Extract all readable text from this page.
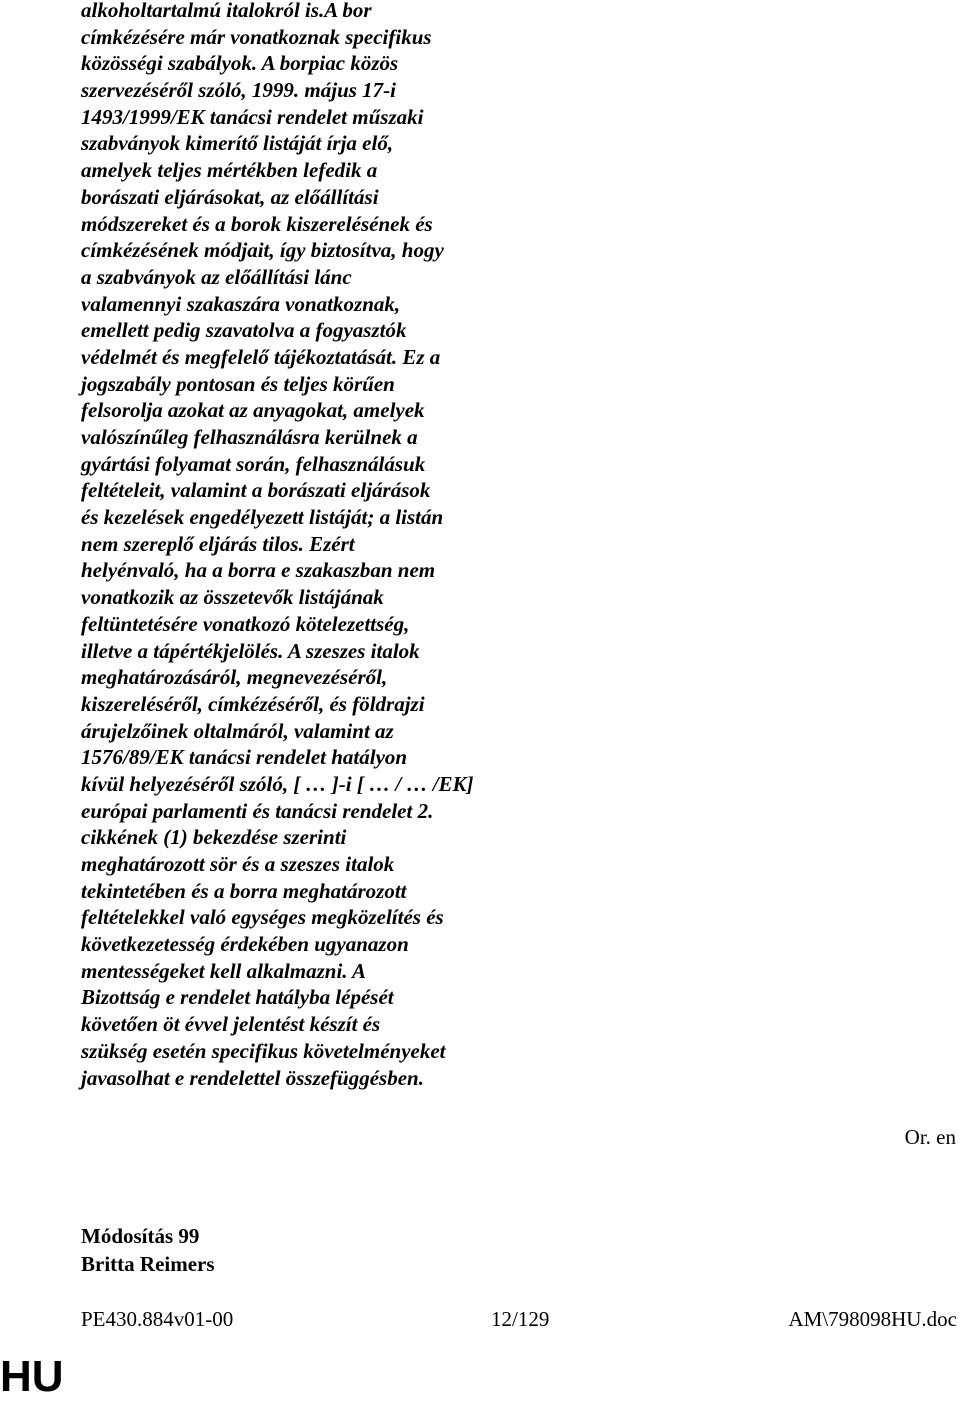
alkoholtartalmú italokról is.A bor
címkézésére már vonatkoznak specifikus
közösségi szabályok. A borpiac közös
szervezéséről szóló, 1999. május 17-i
1493/1999/EK tanácsi rendelet műszaki
szabványok kimerítő listáját írja elő,
amelyek teljes mértékben lefedik a
borászati eljárásokat, az előállítási
módszereket és a borok kiszerelésének és
címkézésének módjait, így biztosítva, hogy
a szabványok az előállítási lánc
valamennyi szakaszára vonatkoznak,
emellett pedig szavatolva a fogyasztók
védelmét és megfelelő tájékoztatását. Ez a
jogszabály pontosan és teljes körűen
felsorolja azokat az anyagokat, amelyek
valószínűleg felhasználásra kerülnek a
gyártási folyamat során, felhasználásuk
feltételeit, valamint a borászati eljárások
és kezelések engedélyezett listáját; a listán
nem szereplő eljárás tilos. Ezért
helyénvaló, ha a borra e szakaszban nem
vonatkozik az összetevők listájának
feltüntetésére vonatkozó kötelezettség,
illetve a tápértékjelölés. A szeszes italok
meghatározásáról, megnevezéséről,
kiszereléséről, címkézéséről, és földrajzi
árujelzőinek oltalmáról, valamint az
1576/89/EK tanácsi rendelet hatályon
kívül helyezéséről szóló, [ … ]-i [ … / … /EK]
európai parlamenti és tanácsi rendelet 2.
cikkének (1) bekezdése szerinti
meghatározott sör és a szeszes italok
tekintetében és a borra meghatározott
feltételekkel való egységes megközelítés és
következetesség érdekében ugyanazon
mentességeket kell alkalmazni. A
Bizottság e rendelet hatályba lépését
követően öt évvel jelentést készít és
szükség esetén specifikus követelményeket
javasolhat e rendelettel összefüggésben.
Or. en
Módosítás 99
Britta Reimers
PE430.884v01-00	12/129	AM\798098HU.doc
HU
